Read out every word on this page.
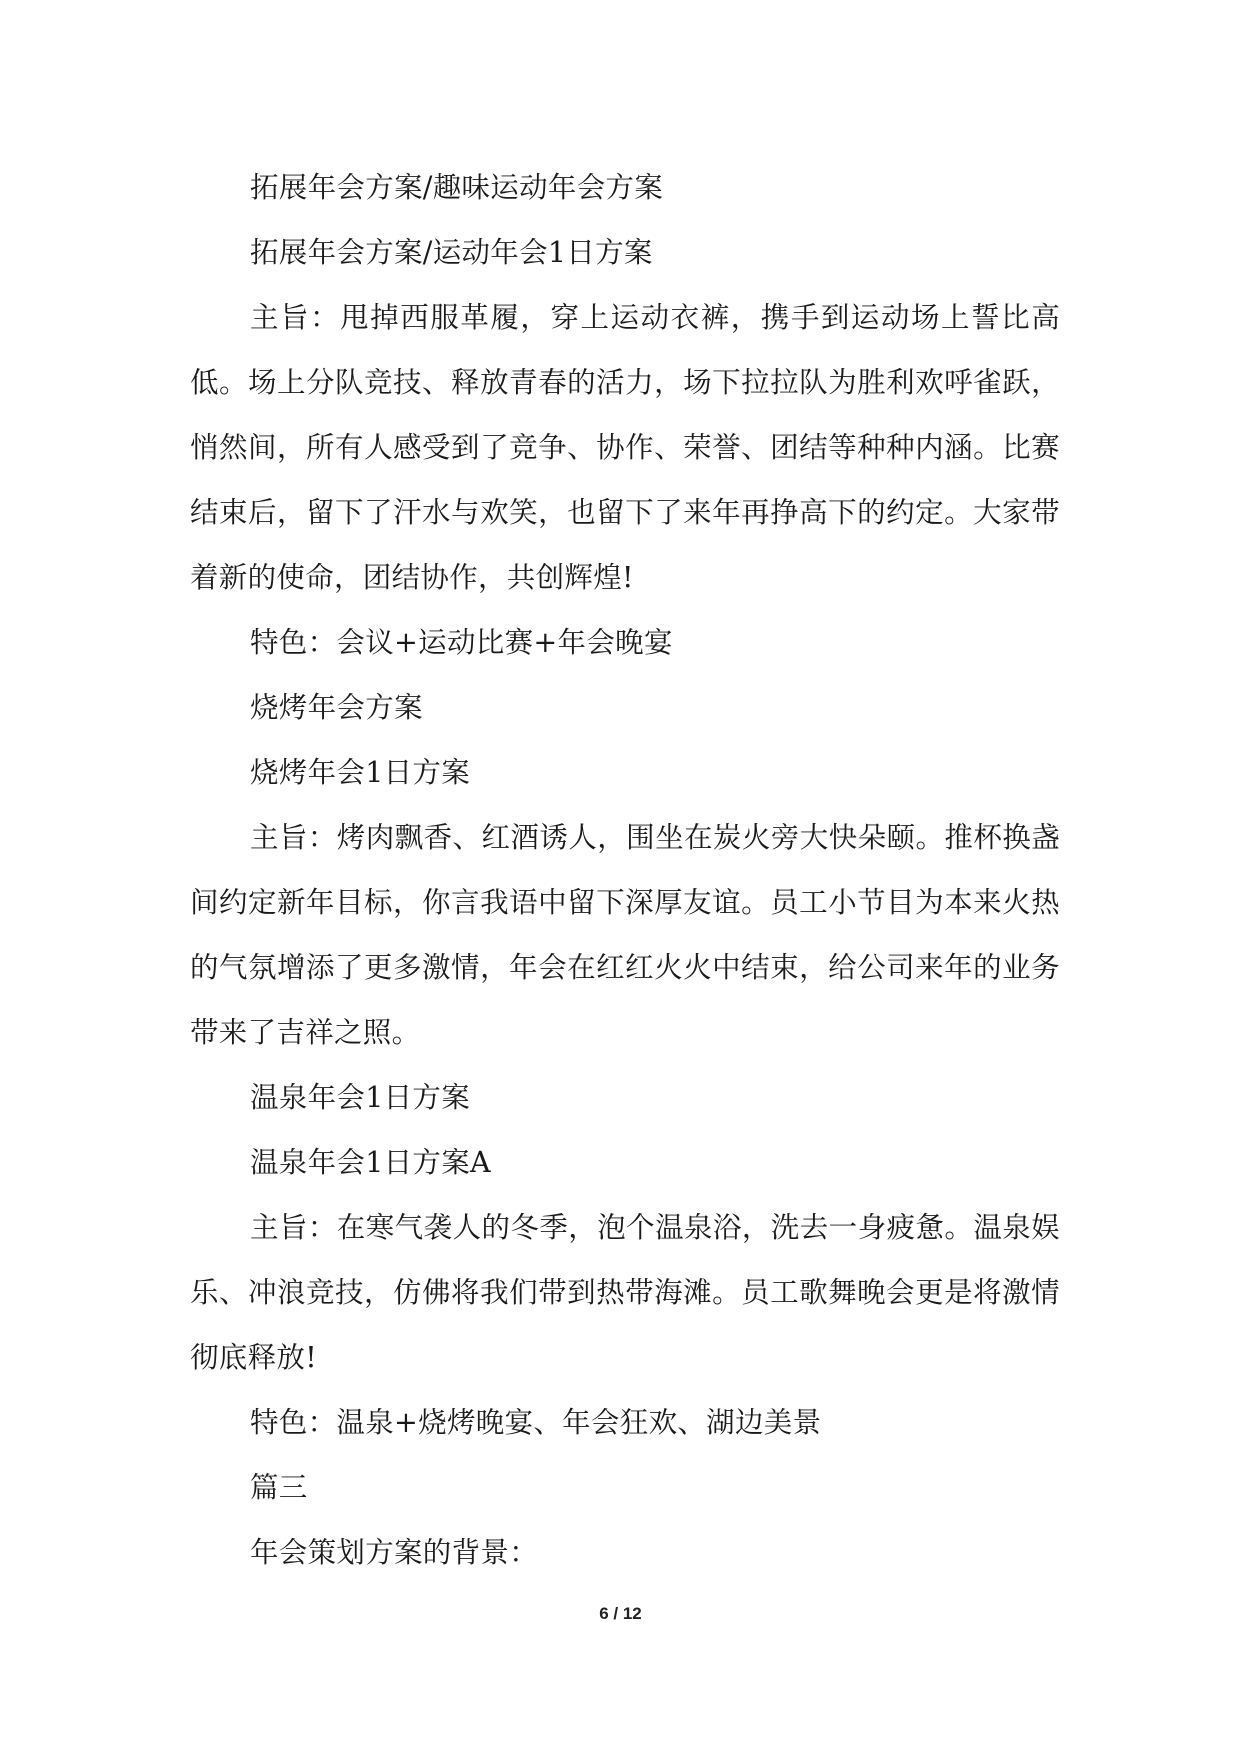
拓展年会方案/趣味运动年会方案

拓展年会方案/运动年会1日方案

主旨：甩掉西服革履，穿上运动衣裤，携手到运动场上誓比高低。场上分队竞技、释放青春的活力，场下拉拉队为胜利欢呼雀跃，悄然间，所有人感受到了竞争、协作、荣誉、团结等种种内涵。比赛结束后，留下了汗水与欢笑，也留下了来年再挣高下的约定。大家带着新的使命，团结协作，共创辉煌!

特色：会议+运动比赛+年会晚宴

烧烤年会方案

烧烤年会1日方案

主旨：烤肉飘香、红酒诱人，围坐在炭火旁大快朵颐。推杯换盏间约定新年目标，你言我语中留下深厚友谊。员工小节目为本来火热的气氛增添了更多激情，年会在红红火火中结束，给公司来年的业务带来了吉祥之照。

温泉年会1日方案

温泉年会1日方案A

主旨：在寒气袭人的冬季，泡个温泉浴，洗去一身疲惫。温泉娱乐、冲浪竞技，仿佛将我们带到热带海滩。员工歌舞晚会更是将激情彻底释放!

特色：温泉+烧烤晚宴、年会狂欢、湖边美景

篇三

年会策划方案的背景：

6 / 12
